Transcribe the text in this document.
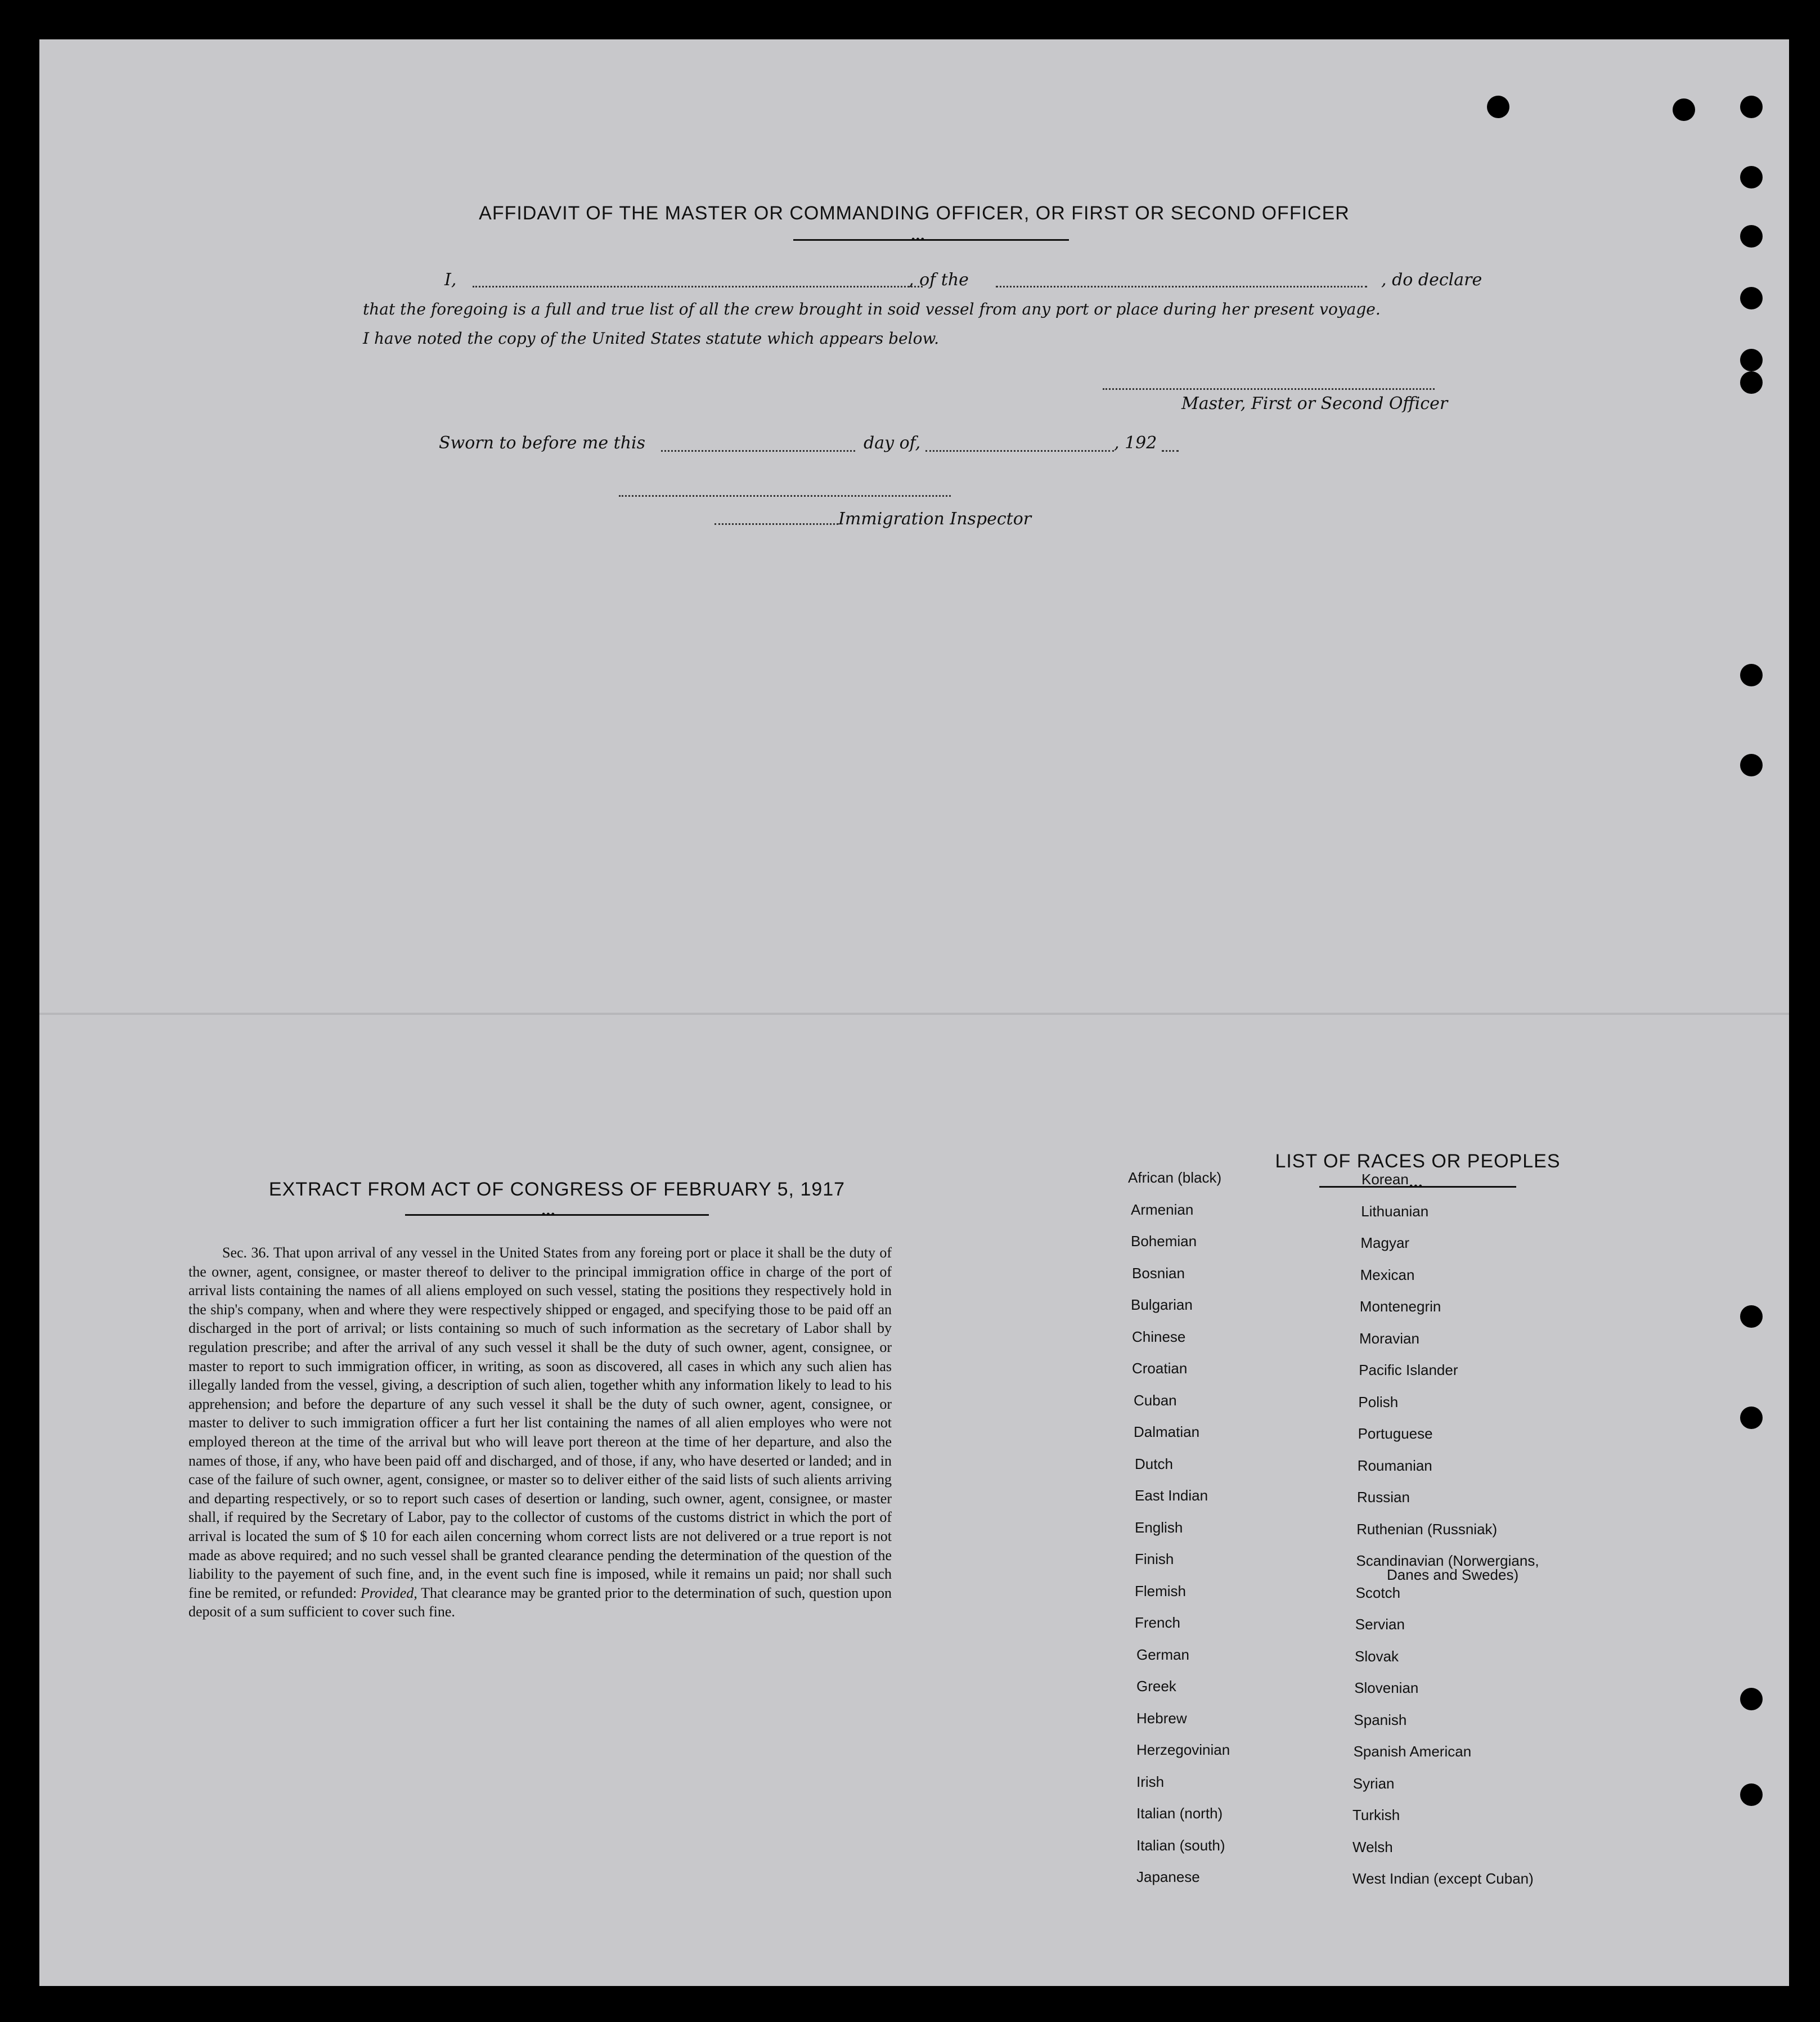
AFFIDAVIT OF THE MASTER OR COMMANDING OFFICER, OR FIRST OR SECOND OFFICER
•••
I,	, of the	, do declare
that the foregoing is a full and true list of all the crew brought in soid vessel from any port or place during her present voyage.
I have noted the copy of the United States statute which appears below.
Master, First or Second Officer
Sworn to before me this	day of,	, 192
Immigration Inspector
EXTRACT FROM ACT OF CONGRESS OF FEBRUARY 5, 1917
•••
Sec. 36. That upon arrival of any vessel in the United States from any foreing port or place it shall be the duty of the owner, agent, consignee, or master thereof to deliver to the principal immigration office in charge of the port of arrival lists containing the names of all aliens employed on such vessel, stating the positions they respectively hold in the ship's company, when and where they were respectively shipped or engaged, and specifying those to be paid off an discharged in the port of arrival; or lists containing so much of such information as the secretary of Labor shall by regulation prescribe; and after the arrival of any such vessel it shall be the duty of such owner, agent, consignee, or master to report to such immigration officer, in writing, as soon as discovered, all cases in which any such alien has illegally landed from the vessel, giving, a description of such alien, together whith any information likely to lead to his apprehension; and before the departure of any such vessel it shall be the duty of such owner, agent, consignee, or master to deliver to such immigration officer a furt her list containing the names of all alien employes who were not employed thereon at the time of the arrival but who will leave port thereon at the time of her departure, and also the names of those, if any, who have been paid off and discharged, and of those, if any, who have deserted or landed; and in case of the failure of such owner, agent, consignee, or master so to deliver either of the said lists of such alients arriving and departing respectively, or so to report such cases of desertion or landing, such owner, agent, consignee, or master shall, if required by the Secretary of Labor, pay to the collector of customs of the customs district in which the port of arrival is located the sum of $ 10 for each ailen concerning whom correct lists are not delivered or a true report is not made as above required; and no such vessel shall be granted clearance pending the determination of the question of the liability to the payement of such fine, and, in the event such fine is imposed, while it remains un paid; nor shall such fine be remited, or refunded: Provided, That clearance may be granted prior to the determination of such, question upon deposit of a sum sufficient to cover such fine.
LIST OF RACES OR PEOPLES
•••
African (black)
Armenian
Bohemian
Bosnian
Bulgarian
Chinese
Croatian
Cuban
Dalmatian
Dutch
East Indian
English
Finish
Flemish
French
German
Greek
Hebrew
Herzegovinian
Irish
Italian (north)
Italian (south)
Japanese
Korean
Lithuanian
Magyar
Mexican
Montenegrin
Moravian
Pacific Islander
Polish
Portuguese
Roumanian
Russian
Ruthenian (Russniak)
Scandinavian (Norwergians,
Danes and Swedes)
Scotch
Servian
Slovak
Slovenian
Spanish
Spanish American
Syrian
Turkish
Welsh
West Indian (except Cuban)
